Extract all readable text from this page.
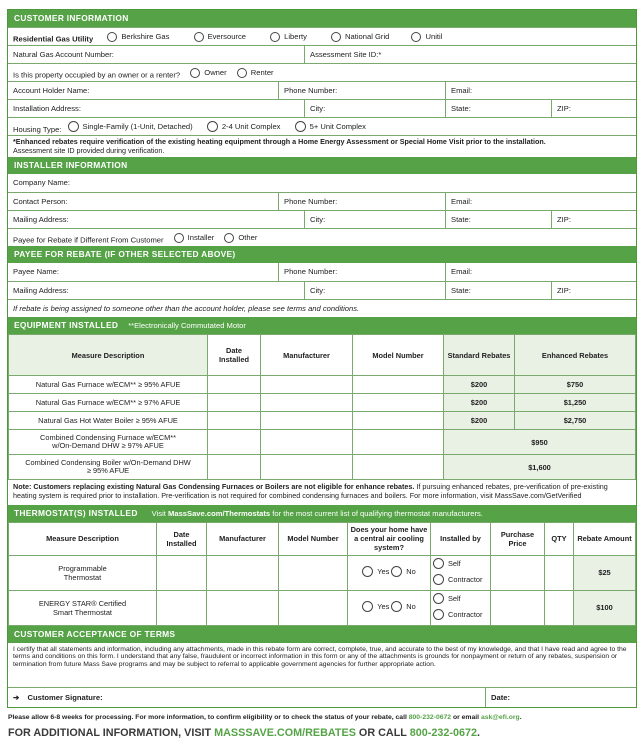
CUSTOMER INFORMATION
Residential Gas Utility	Berkshire Gas
	Eversource
	Liberty
	National Grid
	Unitil
Natural Gas Account Number:	Assessment Site ID:*
Is this property occupied by an owner or a renter?	Owner
	Renter
Account Holder Name:	Phone Number:	Email:
Installation Address:	City:	State:	ZIP:
Housing Type:	Single-Family (1-Unit, Detached)
	2-4 Unit Complex
	5+ Unit Complex
*Enhanced rebates require verification of the existing heating equipment through a Home Energy Assessment or Special Home Visit prior to the installation.
Assessment site ID provided during verification.
INSTALLER INFORMATION
Company Name:
Contact Person:	Phone Number:	Email:
Mailing Address:	City:	State:	ZIP:
Payee for Rebate if Different From Customer	Installer
	Other
PAYEE FOR REBATE (IF OTHER SELECTED ABOVE)
Payee Name:	Phone Number:	Email:
Mailing Address:	City:	State:	ZIP:
If rebate is being assigned to someone other than the account holder, please see terms and conditions.
EQUIPMENT INSTALLED **Electronically Commutated Motor
Measure Description	Date Installed	Manufacturer	Model Number	Standard Rebates	Enhanced Rebates
Natural Gas Furnace w/ECM** ≥ 95% AFUE				$200	$750
Natural Gas Furnace w/ECM** ≥ 97% AFUE				$200	$1,250
Natural Gas Hot Water Boiler ≥ 95% AFUE				$200	$2,750
Combined Condensing Furnace w/ECM**
w/On-Demand DHW ≥ 97% AFUE				$950	
Combined Condensing Boiler w/On-Demand DHW
≥ 95% AFUE				$1,600	
Note: Customers replacing existing Natural Gas Condensing Furnaces or Boilers are not eligible for enhance rebates. If pursuing enhanced rebates, pre-verification of pre-existing heating system is required prior to installation. Pre-verification is not required for combined condensing furnaces and boilers. For more information, visit MassSave.com/GetVerified
THERMOSTAT(S) INSTALLED Visit MassSave.com/Thermostats for the most current list of qualifying thermostat manufacturers.
Measure Description	Date Installed	Manufacturer	Model Number	Does your home have a central air cooling system?	Installed by	Purchase Price	QTY	Rebate Amount
Programmable
Thermostat				Yes No	Self

Contractor			$25
ENERGY STAR® Certified
Smart Thermostat				Yes No	Self

Contractor			$100
CUSTOMER ACCEPTANCE OF TERMS
I certify that all statements and information, including any attachments, made in this rebate form are correct, complete, true, and accurate to the best of my knowledge, and that I have read and agree to the terms and conditions on this form. I understand that any false, fraudulent or incorrect information in this form or any of the attachments is grounds for nonpayment or return of any rebates, suspension or termination from future Mass Save programs and may be subject to referral to applicable government agencies for further appropriate action.
➔ Customer Signature:	Date:
Please allow 6-8 weeks for processing. For more information, to confirm eligibility or to check the status of your rebate, call 800-232-0672 or email ask@efi.org.
FOR ADDITIONAL INFORMATION, VISIT MASSSAVE.COM/REBATES OR CALL 800-232-0672.
